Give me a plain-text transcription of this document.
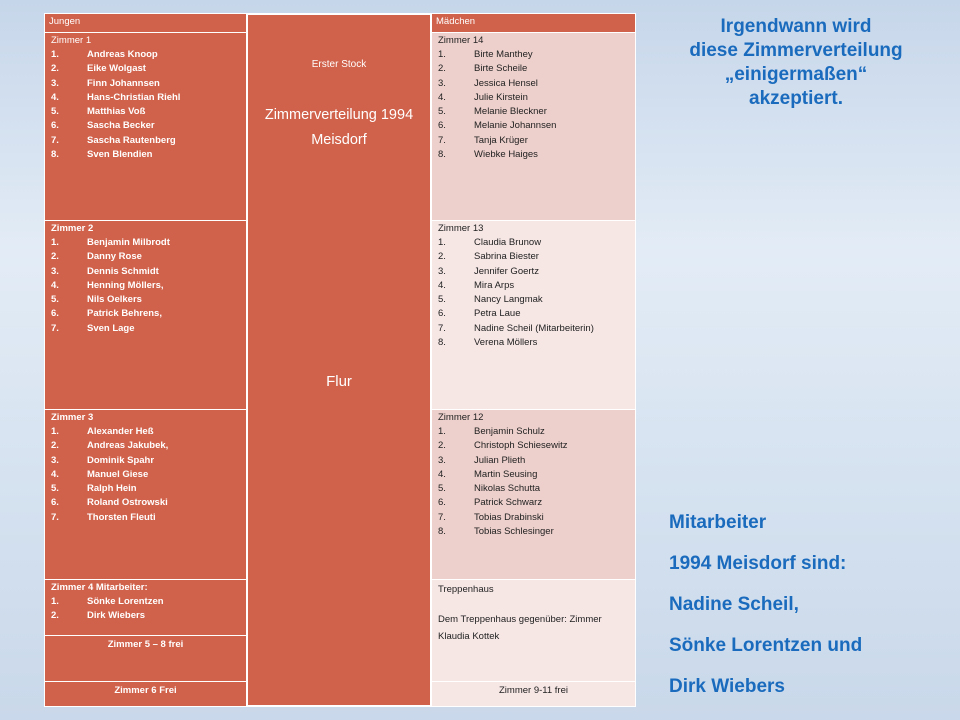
Jungen	Mädchen
Erster Stock
Zimmerverteilung 1994
Meisdorf
Flur
Zimmer 1
1.	Andreas Knoop
2.	Eike Wolgast
3.	Finn Johannsen
4.	Hans-Christian Riehl
5.	Matthias Voß
6.	Sascha Becker
7.	Sascha Rautenberg
8.	Sven Blendien
Zimmer 2
1.	Benjamin Milbrodt
2.	Danny Rose
3.	Dennis Schmidt
4.	Henning Möllers,
5.	Nils Oelkers
6.	Patrick Behrens,
7.	Sven Lage
Zimmer 3
1.	Alexander Heß
2.	Andreas Jakubek,
3.	Dominik Spahr
4.	Manuel Giese
5.	Ralph Hein
6.	Roland Ostrowski
7.	Thorsten Fleuti
Zimmer 4 Mitarbeiter:
1.	Sönke Lorentzen
2.	Dirk Wiebers
Zimmer 5 – 8 frei
Zimmer 6 Frei
Zimmer 14
1.	Birte Manthey
2.	Birte Scheile
3.	Jessica Hensel
4.	Julie Kirstein
5.	Melanie Bleckner
6.	Melanie Johannsen
7.	Tanja Krüger
8.	Wiebke Haiges
Zimmer 13
1.	Claudia Brunow
2.	Sabrina Biester
3.	Jennifer Goertz
4.	Mira Arps
5.	Nancy Langmak
6.	Petra Laue
7.	Nadine Scheil (Mitarbeiterin)
8.	Verena Möllers
Zimmer 12
1.	Benjamin Schulz
2.	Christoph Schiesewitz
3.	Julian Plieth
4.	Martin Seusing
5.	Nikolas Schutta
6.	Patrick Schwarz
7.	Tobias Drabinski
8.	Tobias Schlesinger
Treppenhaus
Dem Treppenhaus gegenüber: Zimmer
Klaudia Kottek
Zimmer 9-11 frei
Irgendwann wird
diese Zimmerverteilung
„einigermaßen“
akzeptiert.
Mitarbeiter
1994 Meisdorf sind:
Nadine Scheil,
Sönke Lorentzen und
Dirk Wiebers
